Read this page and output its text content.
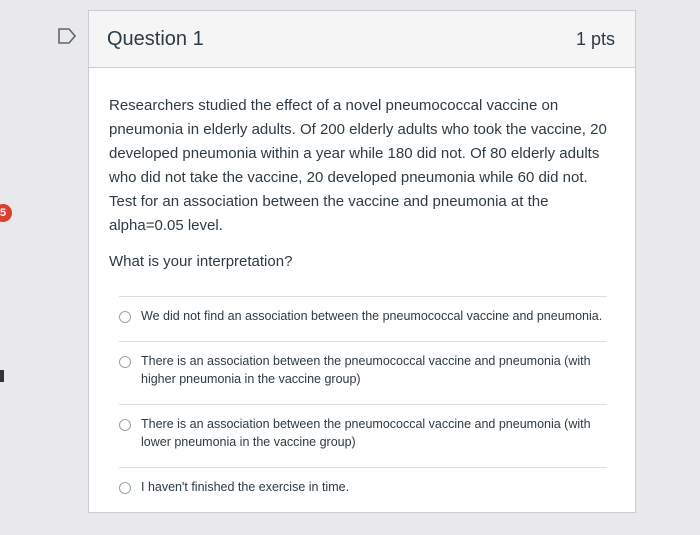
5
Question 1	1 pts

Researchers studied the effect of a novel pneumococcal vaccine on pneumonia in elderly adults. Of 200 elderly adults who took the vaccine, 20 developed pneumonia within a year while 180 did not. Of 80 elderly adults who did not take the vaccine, 20 developed pneumonia while 60 did not. Test for an association between the vaccine and pneumonia at the alpha=0.05 level.

What is your interpretation?

We did not find an association between the pneumococcal vaccine and pneumonia.
There is an association between the pneumococcal vaccine and pneumonia (with higher pneumonia in the vaccine group)
There is an association between the pneumococcal vaccine and pneumonia (with lower pneumonia in the vaccine group)
I haven't finished the exercise in time.
